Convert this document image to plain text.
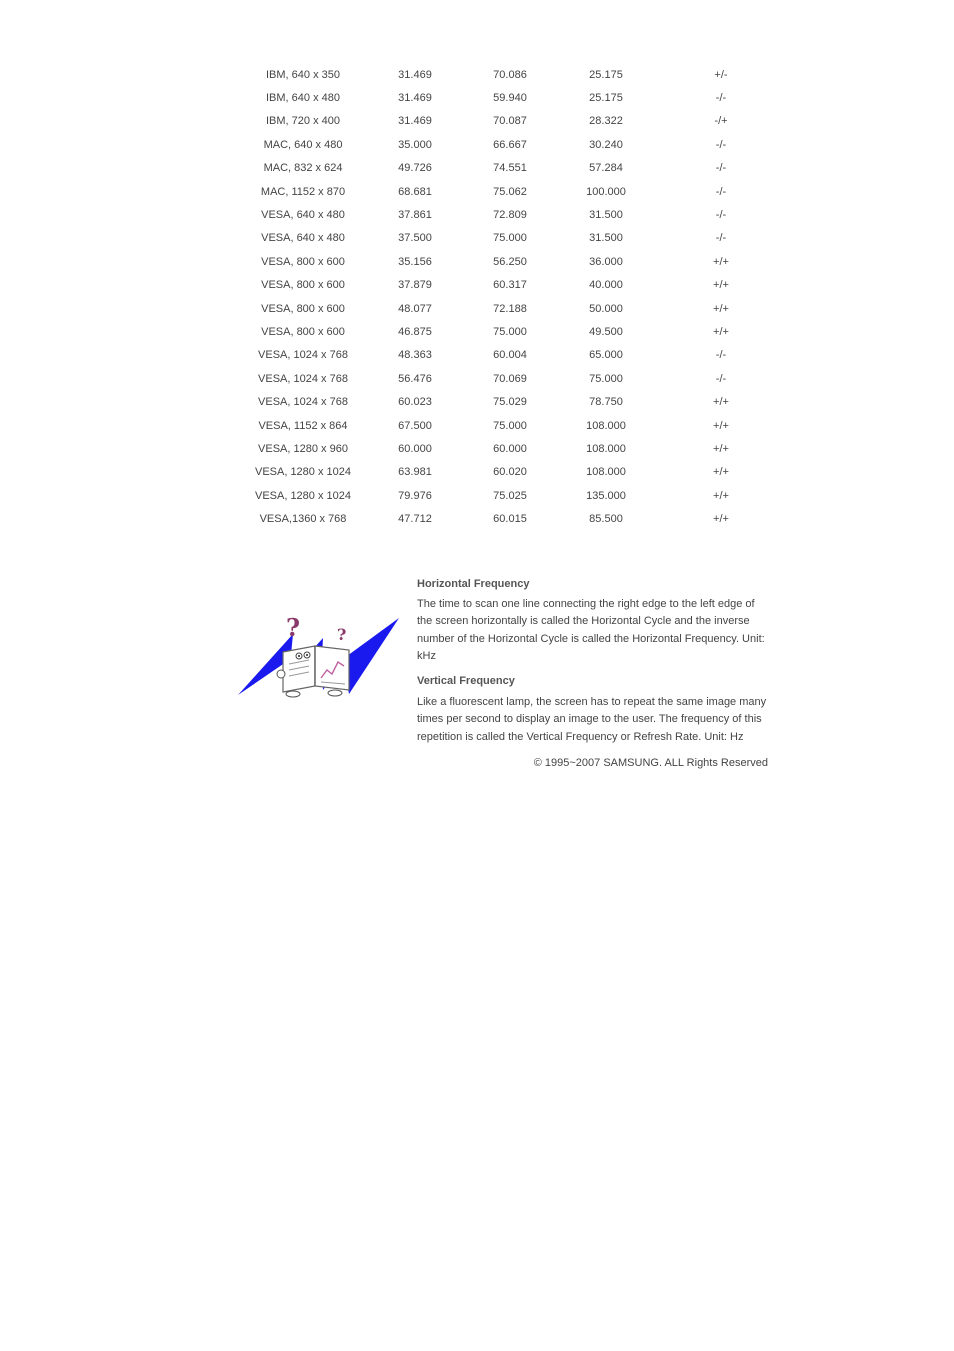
IBM, 640 x 350	31.469	70.086	25.175	+/-
IBM, 640 x 480	31.469	59.940	25.175	-/-
IBM, 720 x 400	31.469	70.087	28.322	-/+
MAC, 640 x 480	35.000	66.667	30.240	-/-
MAC, 832 x 624	49.726	74.551	57.284	-/-
MAC, 1152 x 870	68.681	75.062	100.000	-/-
VESA, 640 x 480	37.861	72.809	31.500	-/-
VESA, 640 x 480	37.500	75.000	31.500	-/-
VESA, 800 x 600	35.156	56.250	36.000	+/+
VESA, 800 x 600	37.879	60.317	40.000	+/+
VESA, 800 x 600	48.077	72.188	50.000	+/+
VESA, 800 x 600	46.875	75.000	49.500	+/+
VESA, 1024 x 768	48.363	60.004	65.000	-/-
VESA, 1024 x 768	56.476	70.069	75.000	-/-
VESA, 1024 x 768	60.023	75.029	78.750	+/+
VESA, 1152 x 864	67.500	75.000	108.000	+/+
VESA, 1280 x 960	60.000	60.000	108.000	+/+
VESA, 1280 x 1024	63.981	60.020	108.000	+/+
VESA, 1280 x 1024	79.976	75.025	135.000	+/+
VESA,1360 x 768	47.712	60.015	85.500	+/+
? ?
Horizontal Frequency
The time to scan one line connecting the right edge to the left edge of the screen horizontally is called the Horizontal Cycle and the inverse number of the Horizontal Cycle is called the Horizontal Frequency. Unit: kHz
Vertical Frequency
Like a fluorescent lamp, the screen has to repeat the same image many times per second to display an image to the user. The frequency of this repetition is called the Vertical Frequency or Refresh Rate. Unit: Hz
© 1995~2007 SAMSUNG. ALL Rights Reserved
